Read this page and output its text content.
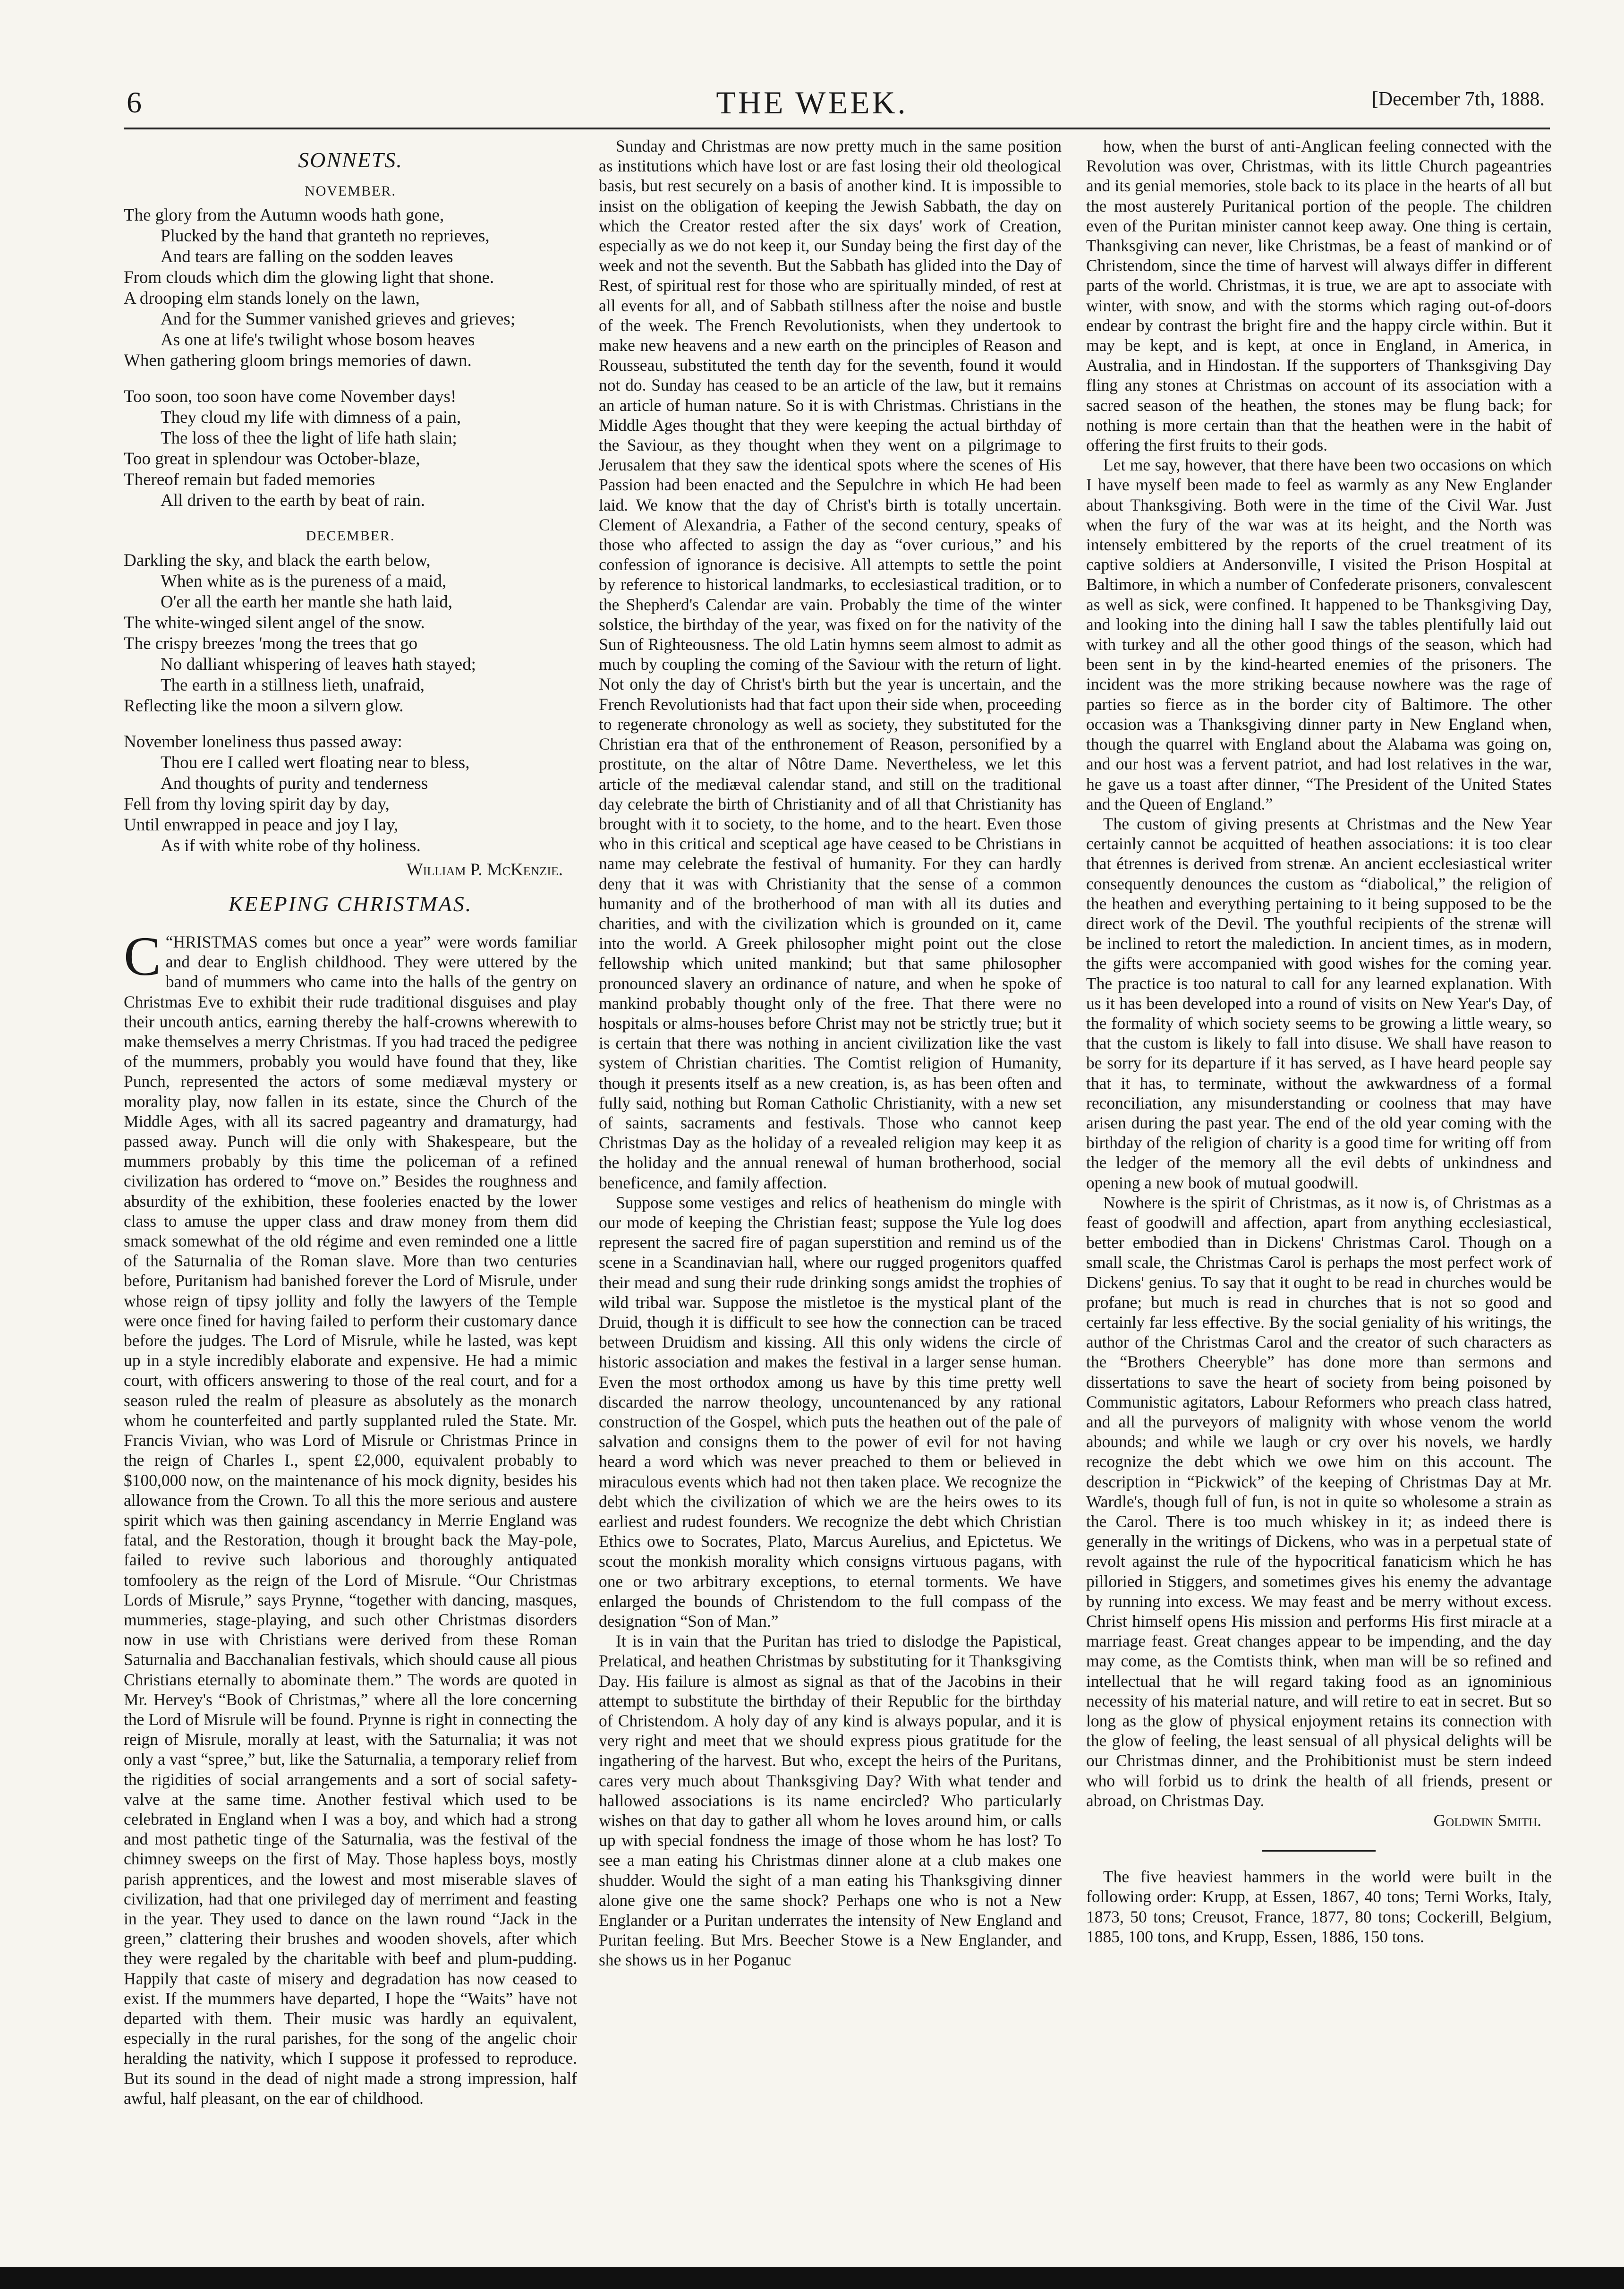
6	THE WEEK.	[December 7th, 1888.
SONNETS.
NOVEMBER.
The glory from the Autumn woods hath gone,
Plucked by the hand that granteth no reprieves,
And tears are falling on the sodden leaves
From clouds which dim the glowing light that shone.
A drooping elm stands lonely on the lawn,
And for the Summer vanished grieves and grieves;
As one at life's twilight whose bosom heaves
When gathering gloom brings memories of dawn.
Too soon, too soon have come November days!
They cloud my life with dimness of a pain,
The loss of thee the light of life hath slain;
Too great in splendour was October-blaze,
Thereof remain but faded memories
All driven to the earth by beat of rain.
DECEMBER.
Darkling the sky, and black the earth below,
When white as is the pureness of a maid,
O'er all the earth her mantle she hath laid,
The white-winged silent angel of the snow.
The crispy breezes 'mong the trees that go
No dalliant whispering of leaves hath stayed;
The earth in a stillness lieth, unafraid,
Reflecting like the moon a silvern glow.
November loneliness thus passed away:
Thou ere I called wert floating near to bless,
And thoughts of purity and tenderness
Fell from thy loving spirit day by day,
Until enwrapped in peace and joy I lay,
As if with white robe of thy holiness.
William P. McKenzie.
KEEPING CHRISTMAS.

C “HRISTMAS comes but once a year” were words familiar and dear to English childhood. They were uttered by the band of mummers who came into the halls of the gentry on Christmas Eve to exhibit their rude traditional disguises and play their uncouth antics, earning thereby the half-crowns wherewith to make themselves a merry Christmas. If you had traced the pedigree of the mummers, probably you would have found that they, like Punch, represented the actors of some mediæval mystery or morality play, now fallen in its estate, since the Church of the Middle Ages, with all its sacred pageantry and dramaturgy, had passed away. Punch will die only with Shakespeare, but the mummers probably by this time the policeman of a refined civilization has ordered to “move on.” Besides the roughness and absurdity of the exhibition, these fooleries enacted by the lower class to amuse the upper class and draw money from them did smack somewhat of the old régime and even reminded one a little of the Saturnalia of the Roman slave. More than two centuries before, Puritanism had banished forever the Lord of Misrule, under whose reign of tipsy jollity and folly the lawyers of the Temple were once fined for having failed to perform their customary dance before the judges. The Lord of Misrule, while he lasted, was kept up in a style incredibly elaborate and expensive. He had a mimic court, with officers answering to those of the real court, and for a season ruled the realm of pleasure as absolutely as the monarch whom he counterfeited and partly supplanted ruled the State. Mr. Francis Vivian, who was Lord of Misrule or Christmas Prince in the reign of Charles I., spent £2,000, equivalent probably to $100,000 now, on the maintenance of his mock dignity, besides his allowance from the Crown. To all this the more serious and austere spirit which was then gaining ascendancy in Merrie England was fatal, and the Restoration, though it brought back the May-pole, failed to revive such laborious and thoroughly antiquated tomfoolery as the reign of the Lord of Misrule. “Our Christmas Lords of Misrule,” says Prynne, “together with dancing, masques, mummeries, stage-playing, and such other Christmas disorders now in use with Christians were derived from these Roman Saturnalia and Bacchanalian festivals, which should cause all pious Christians eternally to abominate them.” The words are quoted in Mr. Hervey's “Book of Christmas,” where all the lore concerning the Lord of Misrule will be found. Prynne is right in connecting the reign of Misrule, morally at least, with the Saturnalia; it was not only a vast “spree,” but, like the Saturnalia, a temporary relief from the rigidities of social arrangements and a sort of social safety-valve at the same time. Another festival which used to be celebrated in England when I was a boy, and which had a strong and most pathetic tinge of the Saturnalia, was the festival of the chimney sweeps on the first of May. Those hapless boys, mostly parish apprentices, and the lowest and most miserable slaves of civilization, had that one privileged day of merriment and feasting in the year. They used to dance on the lawn round “Jack in the green,” clattering their brushes and wooden shovels, after which they were regaled by the charitable with beef and plum-pudding. Happily that caste of misery and degradation has now ceased to exist. If the mummers have departed, I hope the “Waits” have not departed with them. Their music was hardly an equivalent, especially in the rural parishes, for the song of the angelic choir heralding the nativity, which I suppose it professed to reproduce. But its sound in the dead of night made a strong impression, half awful, half pleasant, on the ear of childhood.

Sunday and Christmas are now pretty much in the same position as institutions which have lost or are fast losing their old theological basis, but rest securely on a basis of another kind. It is impossible to insist on the obligation of keeping the Jewish Sabbath, the day on which the Creator rested after the six days' work of Creation, especially as we do not keep it, our Sunday being the first day of the week and not the seventh. But the Sabbath has glided into the Day of Rest, of spiritual rest for those who are spiritually minded, of rest at all events for all, and of Sabbath stillness after the noise and bustle of the week. The French Revolutionists, when they undertook to make new heavens and a new earth on the principles of Reason and Rousseau, substituted the tenth day for the seventh, found it would not do. Sunday has ceased to be an article of the law, but it remains an article of human nature. So it is with Christmas. Christians in the Middle Ages thought that they were keeping the actual birthday of the Saviour, as they thought when they went on a pilgrimage to Jerusalem that they saw the identical spots where the scenes of His Passion had been enacted and the Sepulchre in which He had been laid. We know that the day of Christ's birth is totally uncertain. Clement of Alexandria, a Father of the second century, speaks of those who affected to assign the day as “over curious,” and his confession of ignorance is decisive. All attempts to settle the point by reference to historical landmarks, to ecclesiastical tradition, or to the Shepherd's Calendar are vain. Probably the time of the winter solstice, the birthday of the year, was fixed on for the nativity of the Sun of Righteousness. The old Latin hymns seem almost to admit as much by coupling the coming of the Saviour with the return of light. Not only the day of Christ's birth but the year is uncertain, and the French Revolutionists had that fact upon their side when, proceeding to regenerate chronology as well as society, they substituted for the Christian era that of the enthronement of Reason, personified by a prostitute, on the altar of Nôtre Dame. Nevertheless, we let this article of the mediæval calendar stand, and still on the traditional day celebrate the birth of Christianity and of all that Christianity has brought with it to society, to the home, and to the heart. Even those who in this critical and sceptical age have ceased to be Christians in name may celebrate the festival of humanity. For they can hardly deny that it was with Christianity that the sense of a common humanity and of the brotherhood of man with all its duties and charities, and with the civilization which is grounded on it, came into the world. A Greek philosopher might point out the close fellowship which united mankind; but that same philosopher pronounced slavery an ordinance of nature, and when he spoke of mankind probably thought only of the free. That there were no hospitals or alms-houses before Christ may not be strictly true; but it is certain that there was nothing in ancient civilization like the vast system of Christian charities. The Comtist religion of Humanity, though it presents itself as a new creation, is, as has been often and fully said, nothing but Roman Catholic Christianity, with a new set of saints, sacraments and festivals. Those who cannot keep Christmas Day as the holiday of a revealed religion may keep it as the holiday and the annual renewal of human brotherhood, social beneficence, and family affection.

Suppose some vestiges and relics of heathenism do mingle with our mode of keeping the Christian feast; suppose the Yule log does represent the sacred fire of pagan superstition and remind us of the scene in a Scandinavian hall, where our rugged progenitors quaffed their mead and sung their rude drinking songs amidst the trophies of wild tribal war. Suppose the mistletoe is the mystical plant of the Druid, though it is difficult to see how the connection can be traced between Druidism and kissing. All this only widens the circle of historic association and makes the festival in a larger sense human. Even the most orthodox among us have by this time pretty well discarded the narrow theology, uncountenanced by any rational construction of the Gospel, which puts the heathen out of the pale of salvation and consigns them to the power of evil for not having heard a word which was never preached to them or believed in miraculous events which had not then taken place. We recognize the debt which the civilization of which we are the heirs owes to its earliest and rudest founders. We recognize the debt which Christian Ethics owe to Socrates, Plato, Marcus Aurelius, and Epictetus. We scout the monkish morality which consigns virtuous pagans, with one or two arbitrary exceptions, to eternal torments. We have enlarged the bounds of Christendom to the full compass of the designation “Son of Man.”

It is in vain that the Puritan has tried to dislodge the Papistical, Prelatical, and heathen Christmas by substituting for it Thanksgiving Day. His failure is almost as signal as that of the Jacobins in their attempt to substitute the birthday of their Republic for the birthday of Christendom. A holy day of any kind is always popular, and it is very right and meet that we should express pious gratitude for the ingathering of the harvest. But who, except the heirs of the Puritans, cares very much about Thanksgiving Day? With what tender and hallowed associations is its name encircled? Who particularly wishes on that day to gather all whom he loves around him, or calls up with special fondness the image of those whom he has lost? To see a man eating his Christmas dinner alone at a club makes one shudder. Would the sight of a man eating his Thanksgiving dinner alone give one the same shock? Perhaps one who is not a New Englander or a Puritan underrates the intensity of New England and Puritan feeling. But Mrs. Beecher Stowe is a New Englander, and she shows us in her Poganuc

how, when the burst of anti-Anglican feeling connected with the Revolution was over, Christmas, with its little Church pageantries and its genial memories, stole back to its place in the hearts of all but the most austerely Puritanical portion of the people. The children even of the Puritan minister cannot keep away. One thing is certain, Thanksgiving can never, like Christmas, be a feast of mankind or of Christendom, since the time of harvest will always differ in different parts of the world. Christmas, it is true, we are apt to associate with winter, with snow, and with the storms which raging out-of-doors endear by contrast the bright fire and the happy circle within. But it may be kept, and is kept, at once in England, in America, in Australia, and in Hindostan. If the supporters of Thanksgiving Day fling any stones at Christmas on account of its association with a sacred season of the heathen, the stones may be flung back; for nothing is more certain than that the heathen were in the habit of offering the first fruits to their gods.

Let me say, however, that there have been two occasions on which I have myself been made to feel as warmly as any New Englander about Thanksgiving. Both were in the time of the Civil War. Just when the fury of the war was at its height, and the North was intensely embittered by the reports of the cruel treatment of its captive soldiers at Andersonville, I visited the Prison Hospital at Baltimore, in which a number of Confederate prisoners, convalescent as well as sick, were confined. It happened to be Thanksgiving Day, and looking into the dining hall I saw the tables plentifully laid out with turkey and all the other good things of the season, which had been sent in by the kind-hearted enemies of the prisoners. The incident was the more striking because nowhere was the rage of parties so fierce as in the border city of Baltimore. The other occasion was a Thanksgiving dinner party in New England when, though the quarrel with England about the Alabama was going on, and our host was a fervent patriot, and had lost relatives in the war, he gave us a toast after dinner, “The President of the United States and the Queen of England.”

The custom of giving presents at Christmas and the New Year certainly cannot be acquitted of heathen associations: it is too clear that étrennes is derived from strenæ. An ancient ecclesiastical writer consequently denounces the custom as “diabolical,” the religion of the heathen and everything pertaining to it being supposed to be the direct work of the Devil. The youthful recipients of the strenæ will be inclined to retort the malediction. In ancient times, as in modern, the gifts were accompanied with good wishes for the coming year. The practice is too natural to call for any learned explanation. With us it has been developed into a round of visits on New Year's Day, of the formality of which society seems to be growing a little weary, so that the custom is likely to fall into disuse. We shall have reason to be sorry for its departure if it has served, as I have heard people say that it has, to terminate, without the awkwardness of a formal reconciliation, any misunderstanding or coolness that may have arisen during the past year. The end of the old year coming with the birthday of the religion of charity is a good time for writing off from the ledger of the memory all the evil debts of unkindness and opening a new book of mutual goodwill.

Nowhere is the spirit of Christmas, as it now is, of Christmas as a feast of goodwill and affection, apart from anything ecclesiastical, better embodied than in Dickens' Christmas Carol. Though on a small scale, the Christmas Carol is perhaps the most perfect work of Dickens' genius. To say that it ought to be read in churches would be profane; but much is read in churches that is not so good and certainly far less effective. By the social geniality of his writings, the author of the Christmas Carol and the creator of such characters as the “Brothers Cheeryble” has done more than sermons and dissertations to save the heart of society from being poisoned by Communistic agitators, Labour Reformers who preach class hatred, and all the purveyors of malignity with whose venom the world abounds; and while we laugh or cry over his novels, we hardly recognize the debt which we owe him on this account. The description in “Pickwick” of the keeping of Christmas Day at Mr. Wardle's, though full of fun, is not in quite so wholesome a strain as the Carol. There is too much whiskey in it; as indeed there is generally in the writings of Dickens, who was in a perpetual state of revolt against the rule of the hypocritical fanaticism which he has pilloried in Stiggers, and sometimes gives his enemy the advantage by running into excess. We may feast and be merry without excess. Christ himself opens His mission and performs His first miracle at a marriage feast. Great changes appear to be impending, and the day may come, as the Comtists think, when man will be so refined and intellectual that he will regard taking food as an ignominious necessity of his material nature, and will retire to eat in secret. But so long as the glow of physical enjoyment retains its connection with the glow of feeling, the least sensual of all physical delights will be our Christmas dinner, and the Prohibitionist must be stern indeed who will forbid us to drink the health of all friends, present or abroad, on Christmas Day.

Goldwin Smith.

The five heaviest hammers in the world were built in the following order: Krupp, at Essen, 1867, 40 tons; Terni Works, Italy, 1873, 50 tons; Creusot, France, 1877, 80 tons; Cockerill, Belgium, 1885, 100 tons, and Krupp, Essen, 1886, 150 tons.
